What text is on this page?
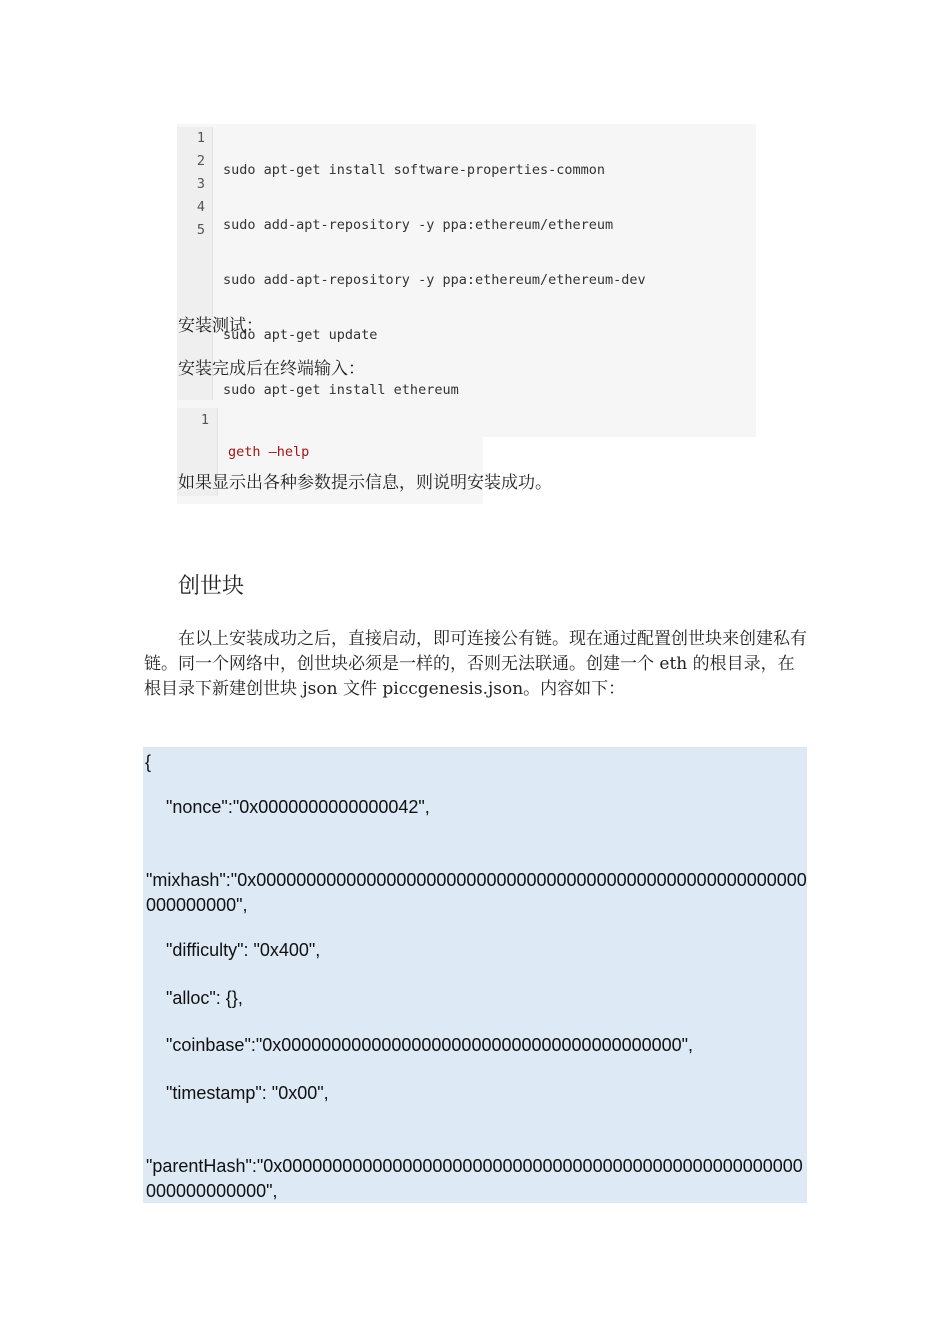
1
2
3
4
5

sudo apt-get install software-properties-common

sudo add-apt-repository -y ppa:ethereum/ethereum

sudo add-apt-repository -y ppa:ethereum/ethereum-dev

sudo apt-get update

sudo apt-get install ethereum

安装测试：
安装完成后在终端输入：
1

geth —help

如果显示出各种参数提示信息，则说明安装成功。
创世块
在以上安装成功之后，直接启动，即可连接公有链。现在通过配置创世块来创建私有链。同一个网络中，创世块必须是一样的，否则无法联通。创建一个 eth 的根目录，在根目录下新建创世块 json 文件 piccgenesis.json。内容如下：
{
"nonce":"0x0000000000000042",
"mixhash":"0x0000000000000000000000000000000000000000000000000000000000000000",
"difficulty": "0x400",
"alloc": {},
"coinbase":"0x0000000000000000000000000000000000000000",
"timestamp": "0x00",
"parentHash":"0x0000000000000000000000000000000000000000000000000000000000000000",
